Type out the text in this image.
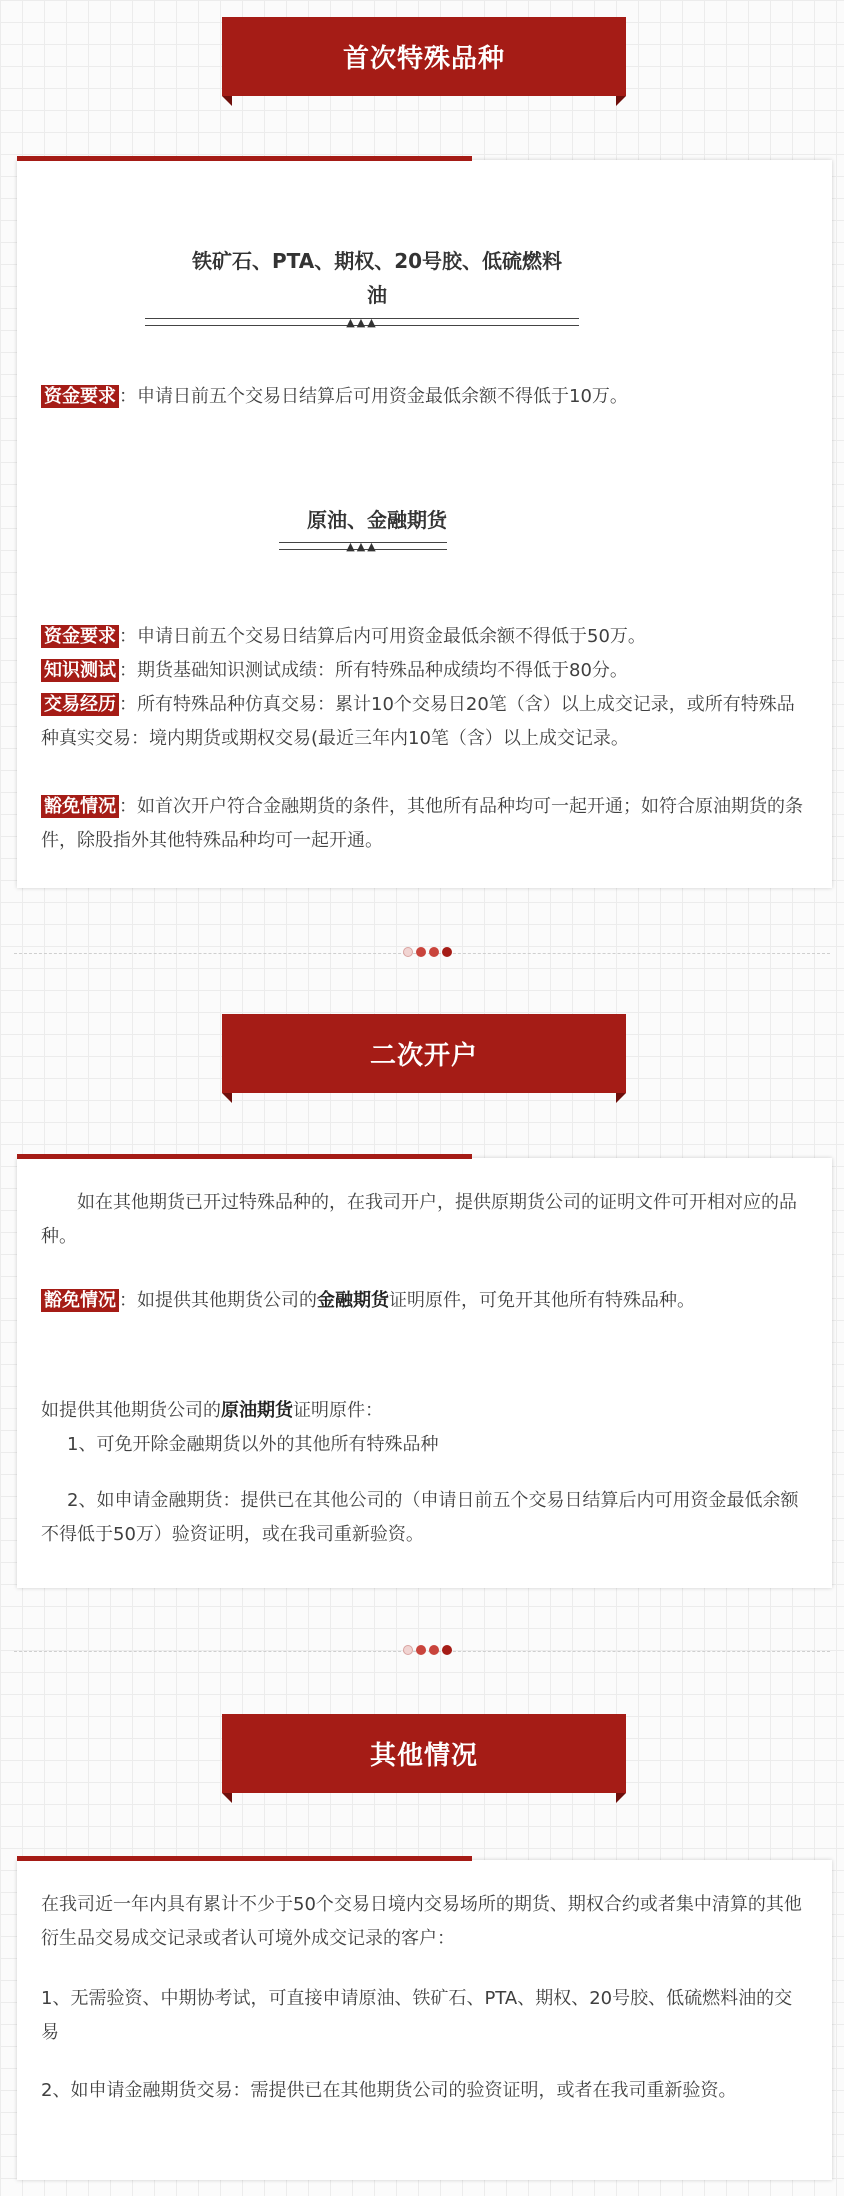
首次特殊品种
铁矿石、PTA、期权、20号胶、低硫燃料
油
▲▲▲

资金要求 ：申请日前五个交易日结算后可用资金最低余额不得低于10万。

原油、金融期货
▲▲▲

资金要求 ：申请日前五个交易日结算后内可用资金最低余额不得低于50万。

知识测试 ：期货基础知识测试成绩：所有特殊品种成绩均不得低于80分。

交易经历 ：所有特殊品种仿真交易：累计10个交易日20笔（含）以上成交记录，或所有特殊品种真实交易：境内期货或期权交易(最近三年内10笔（含）以上成交记录。

豁免情况 ：如首次开户符合金融期货的条件，其他所有品种均可一起开通；如符合原油期货的条件，除股指外其他特殊品种均可一起开通。

二次开户

如在其他期货已开过特殊品种的，在我司开户，提供原期货公司的证明文件可开相对应的品种。

豁免情况 ：如提供其他期货公司的金融期货证明原件，可免开其他所有特殊品种。

如提供其他期货公司的原油期货证明原件：

1、可免开除金融期货以外的其他所有特殊品种

2、如申请金融期货：提供已在其他公司的（申请日前五个交易日结算后内可用资金最低余额不得低于50万）验资证明，或在我司重新验资。

其他情况

在我司近一年内具有累计不少于50个交易日境内交易场所的期货、期权合约或者集中清算的其他衍生品交易成交记录或者认可境外成交记录的客户：

1、无需验资、中期协考试，可直接申请原油、铁矿石、PTA、期权、20号胶、低硫燃料油的交易

2、如申请金融期货交易：需提供已在其他期货公司的验资证明，或者在我司重新验资。
